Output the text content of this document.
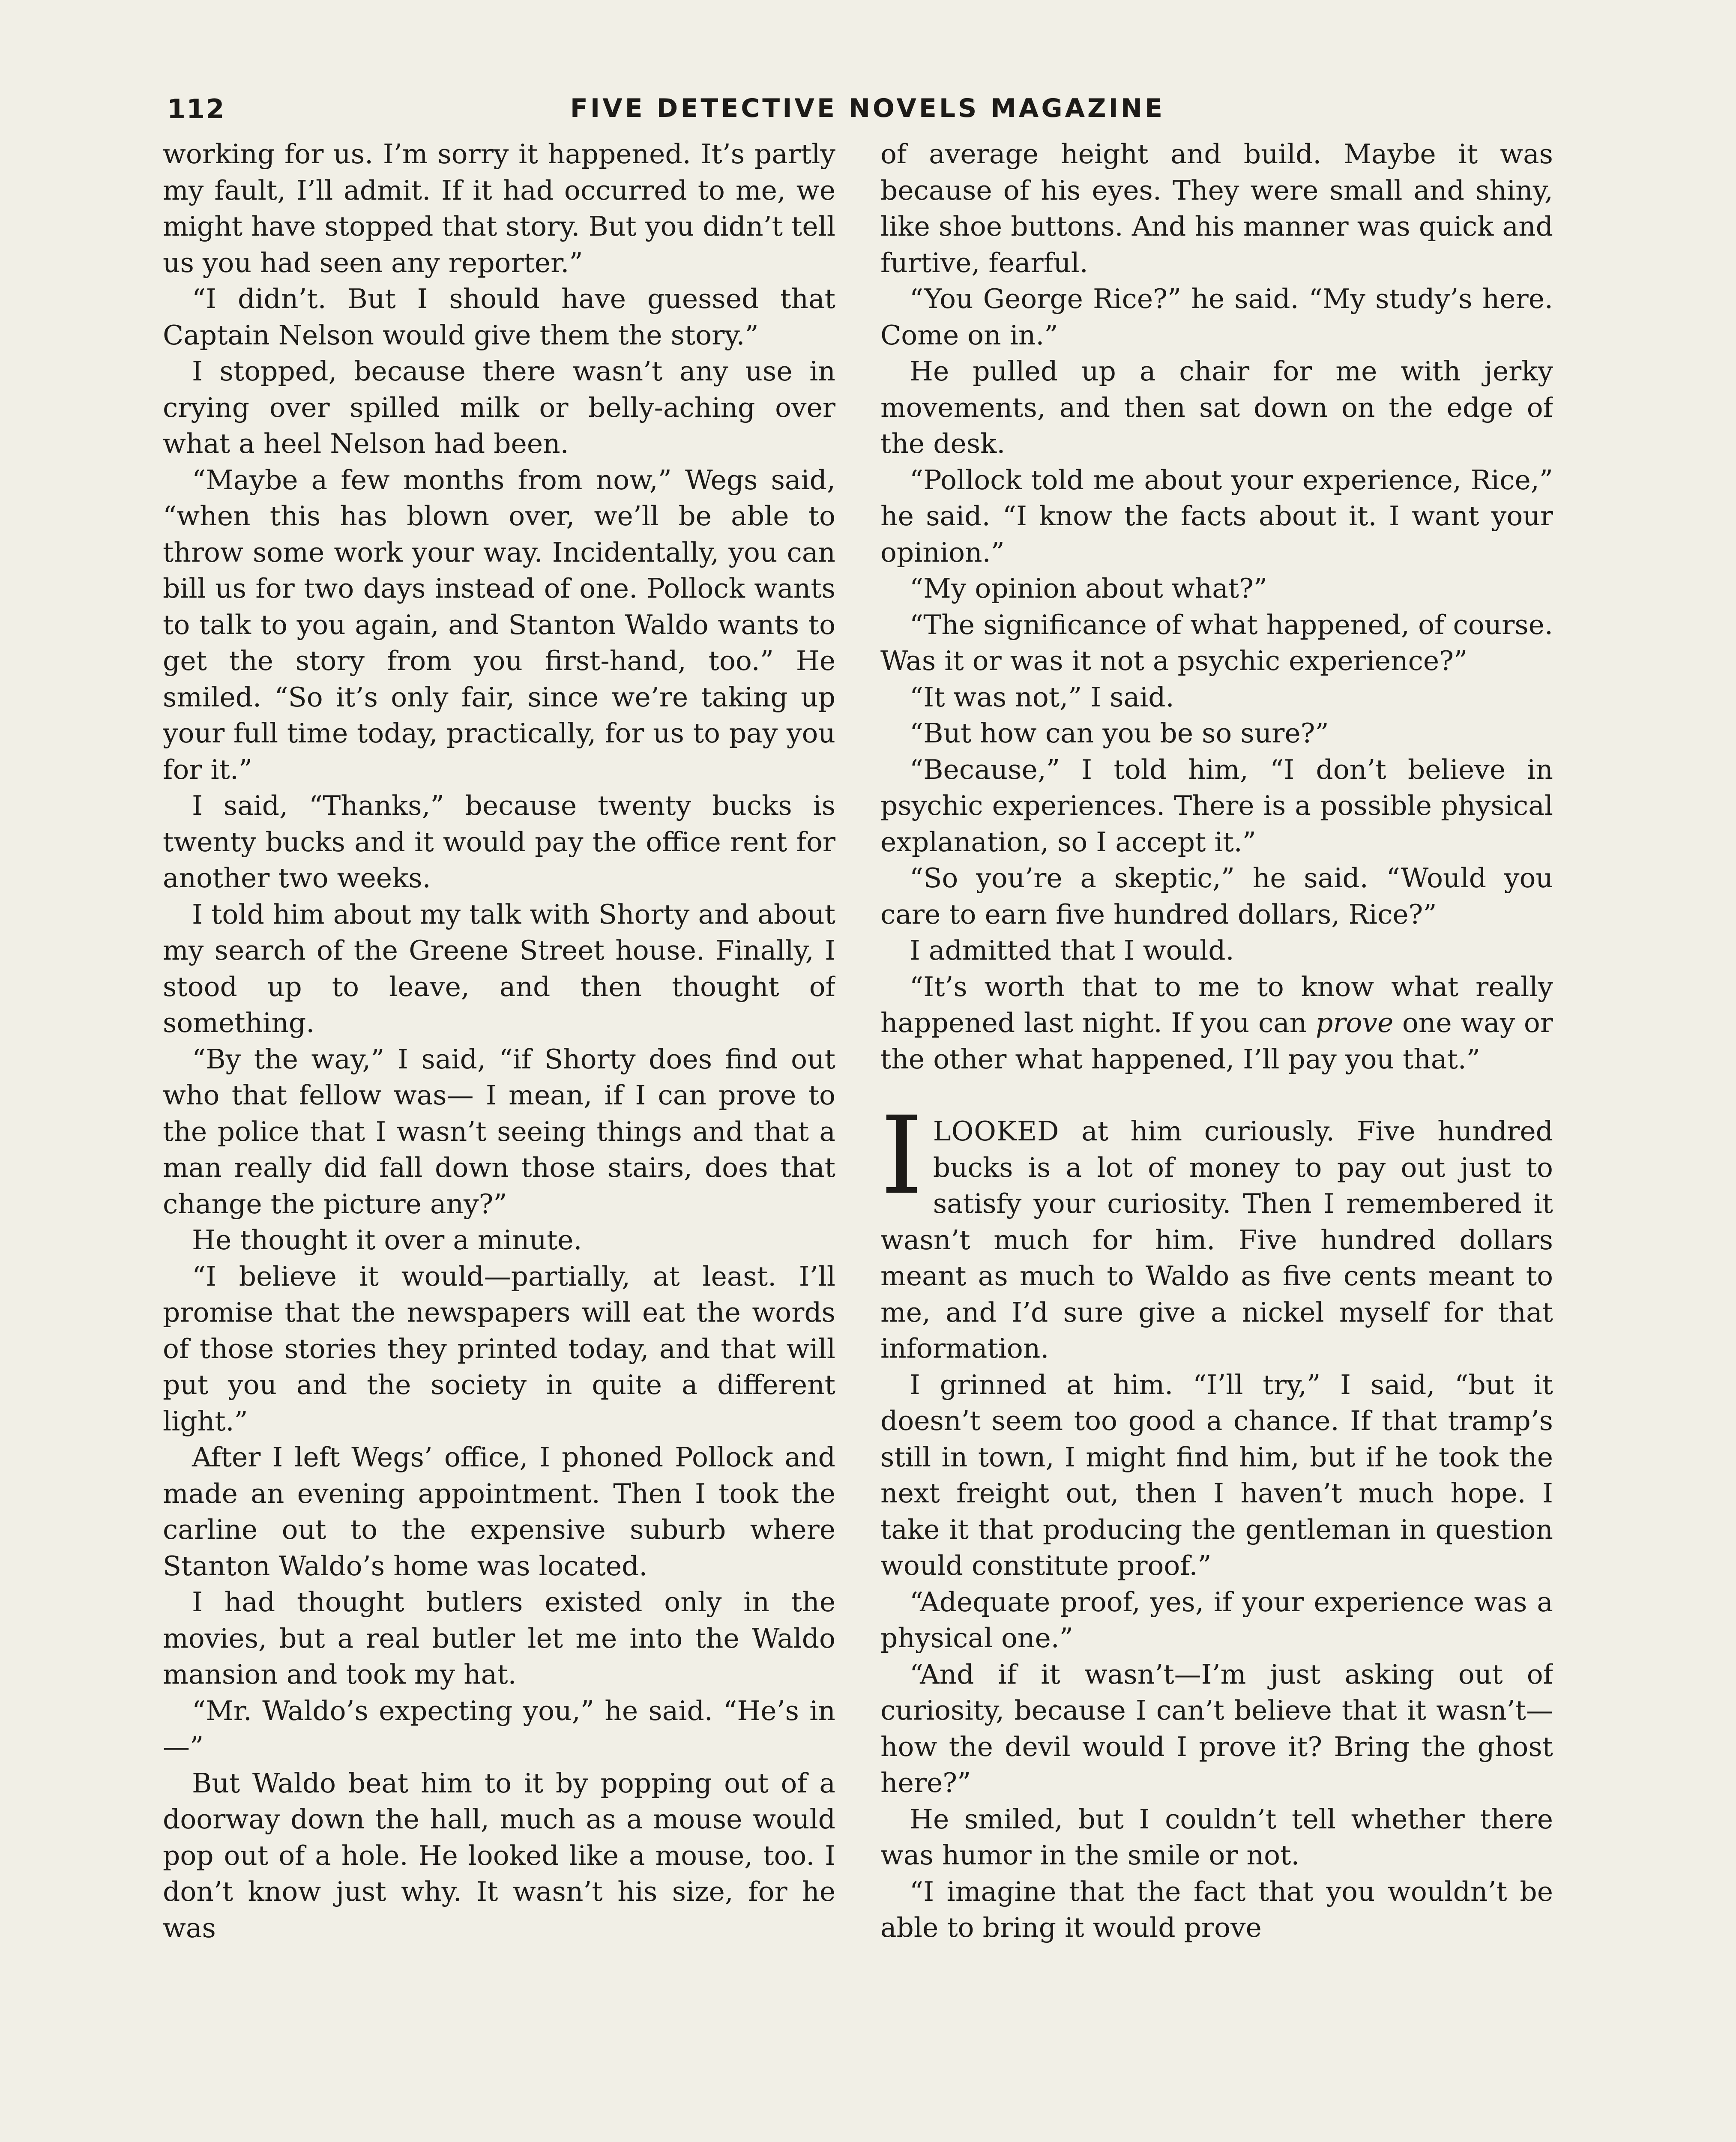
112	FIVE DETECTIVE NOVELS MAGAZINE

working for us. I’m sorry it happened. It’s partly my fault, I’ll admit. If it had occurred to me, we might have stopped that story. But you didn’t tell us you had seen any reporter.”

“I didn’t. But I should have guessed that Captain Nelson would give them the story.”

I stopped, because there wasn’t any use in crying over spilled milk or belly-aching over what a heel Nelson had been.

“Maybe a few months from now,” Wegs said, “when this has blown over, we’ll be able to throw some work your way. Incidentally, you can bill us for two days instead of one. Pollock wants to talk to you again, and Stanton Waldo wants to get the story from you first-hand, too.” He smiled. “So it’s only fair, since we’re taking up your full time today, practically, for us to pay you for it.”

I said, “Thanks,” because twenty bucks is twenty bucks and it would pay the office rent for another two weeks.

I told him about my talk with Shorty and about my search of the Greene Street house. Finally, I stood up to leave, and then thought of something.

“By the way,” I said, “if Shorty does find out who that fellow was— I mean, if I can prove to the police that I wasn’t seeing things and that a man really did fall down those stairs, does that change the picture any?”

He thought it over a minute.

“I believe it would—partially, at least. I’ll promise that the newspapers will eat the words of those stories they printed today, and that will put you and the society in quite a different light.”

After I left Wegs’ office, I phoned Pollock and made an evening appointment. Then I took the carline out to the expensive suburb where Stanton Waldo’s home was located.

I had thought butlers existed only in the movies, but a real butler let me into the Waldo mansion and took my hat.

“Mr. Waldo’s expecting you,” he said. “He’s in—”

But Waldo beat him to it by popping out of a doorway down the hall, much as a mouse would pop out of a hole. He looked like a mouse, too. I don’t know just why. It wasn’t his size, for he was

of average height and build. Maybe it was because of his eyes. They were small and shiny, like shoe buttons. And his manner was quick and furtive, fearful.

“You George Rice?” he said. “My study’s here. Come on in.”

He pulled up a chair for me with jerky movements, and then sat down on the edge of the desk.

“Pollock told me about your experience, Rice,” he said. “I know the facts about it. I want your opinion.”

“My opinion about what?”

“The significance of what happened, of course. Was it or was it not a psychic experience?”

“It was not,” I said.

“But how can you be so sure?”

“Because,” I told him, “I don’t believe in psychic experiences. There is a possible physical explanation, so I accept it.”

“So you’re a skeptic,” he said. “Would you care to earn five hundred dollars, Rice?”

I admitted that I would.

“It’s worth that to me to know what really happened last night. If you can prove one way or the other what happened, I’ll pay you that.”

ILOOKED at him curiously. Five hundred bucks is a lot of money to pay out just to satisfy your curiosity. Then I remembered it wasn’t much for him. Five hundred dollars meant as much to Waldo as five cents meant to me, and I’d sure give a nickel myself for that information.

I grinned at him. “I’ll try,” I said, “but it doesn’t seem too good a chance. If that tramp’s still in town, I might find him, but if he took the next freight out, then I haven’t much hope. I take it that producing the gentleman in question would constitute proof.”

“Adequate proof, yes, if your experience was a physical one.”

“And if it wasn’t—I’m just asking out of curiosity, because I can’t believe that it wasn’t—how the devil would I prove it? Bring the ghost here?”

He smiled, but I couldn’t tell whether there was humor in the smile or not.

“I imagine that the fact that you wouldn’t be able to bring it would prove
